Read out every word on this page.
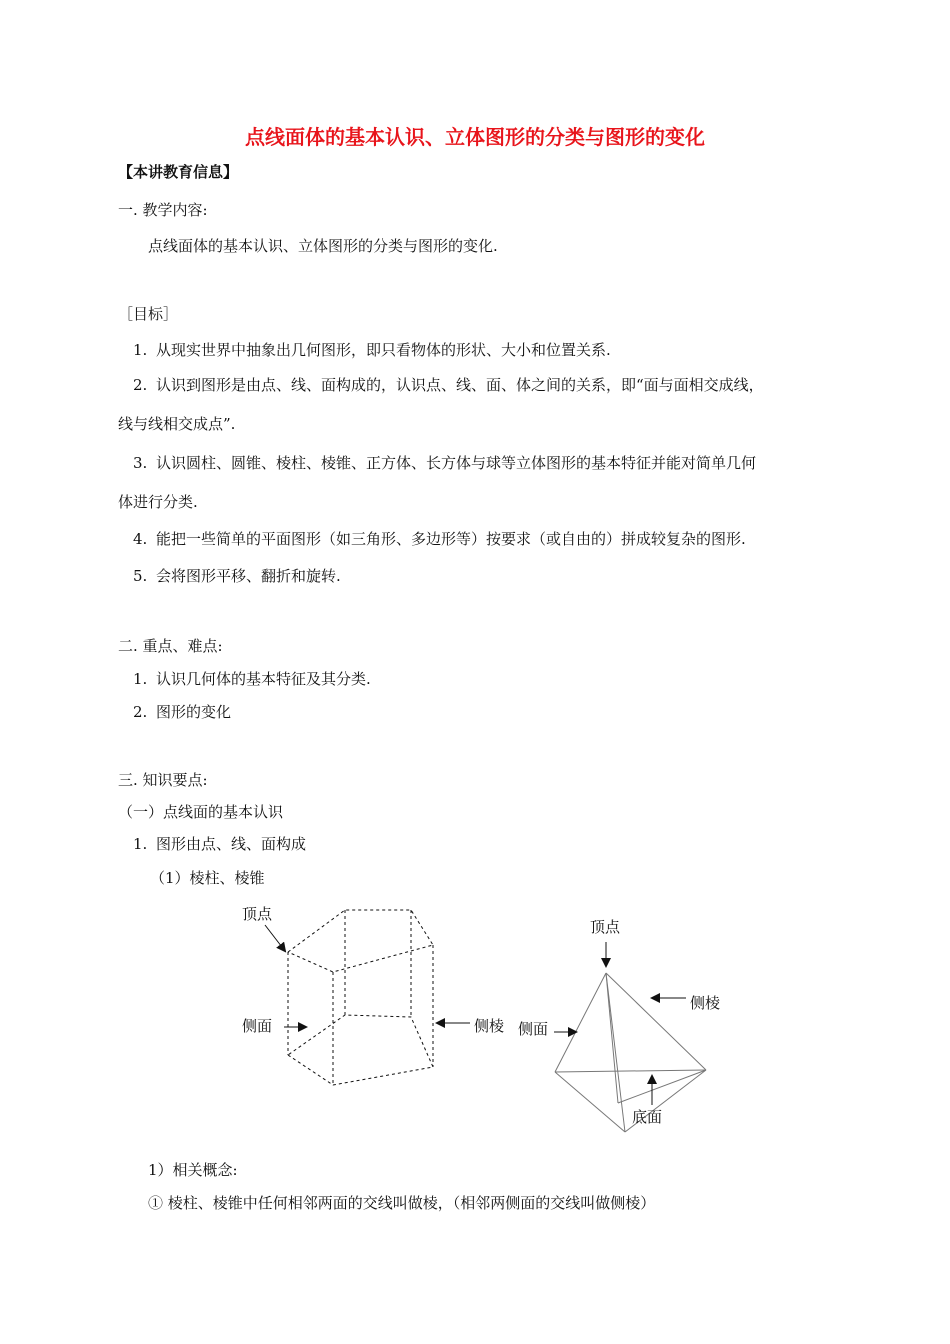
点线面体的基本认识、立体图形的分类与图形的变化
【本讲教育信息】
一. 教学内容:
点线面体的基本认识、立体图形的分类与图形的变化.
［目标］
1. 从现实世界中抽象出几何图形，即只看物体的形状、大小和位置关系.
2. 认识到图形是由点、线、面构成的，认识点、线、面、体之间的关系，即“面与面相交成线，
线与线相交成点”.
3. 认识圆柱、圆锥、棱柱、棱锥、正方体、长方体与球等立体图形的基本特征并能对简单几何
体进行分类.
4. 能把一些简单的平面图形（如三角形、多边形等）按要求（或自由的）拼成较复杂的图形.
5. 会将图形平移、翻折和旋转.
二. 重点、难点:
1. 认识几何体的基本特征及其分类.
2. 图形的变化
三. 知识要点:
（一）点线面的基本认识
1. 图形由点、线、面构成
（1）棱柱、棱锥
顶点
侧面	侧棱
顶点
侧棱
侧面
底面
1）相关概念:
① 棱柱、棱锥中任何相邻两面的交线叫做棱，（相邻两侧面的交线叫做侧棱）
